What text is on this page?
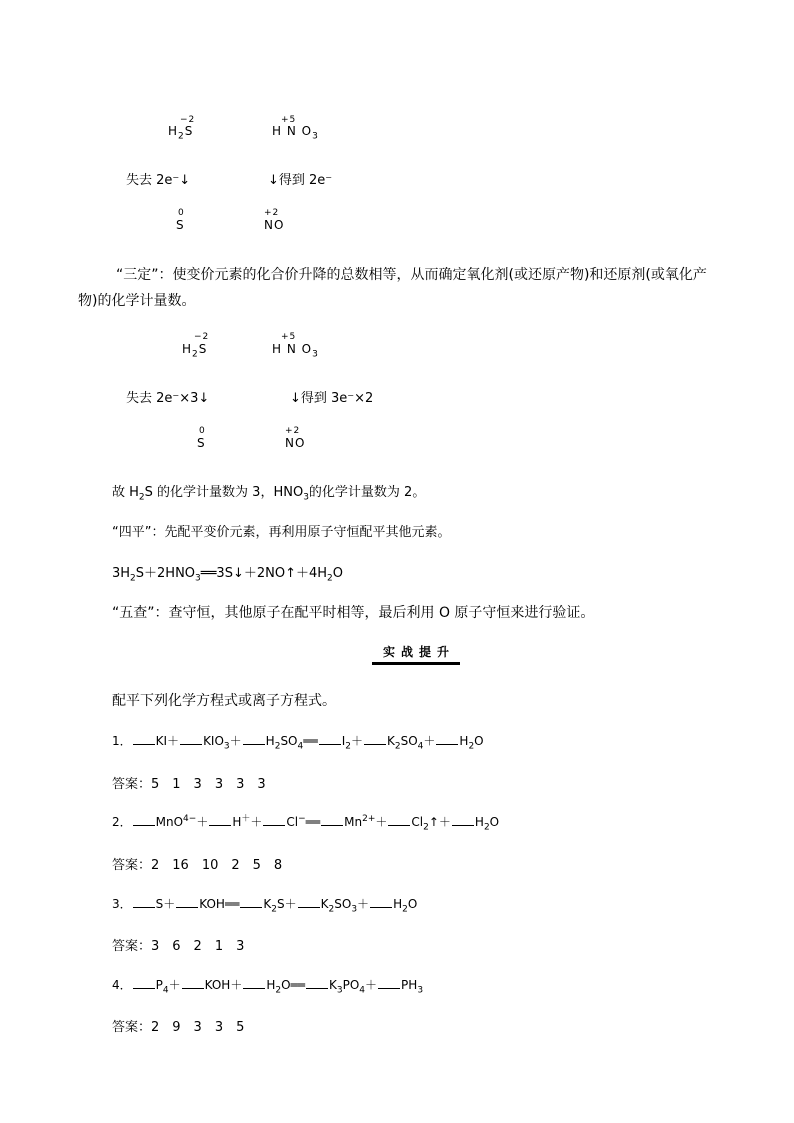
−2
$H_2S$
+5
H N $O_3$
失去 2e⁻↓	↓得到 2e⁻
0
S
+2
NO
“三定”：使变价元素的化合价升降的总数相等，从而确定氧化剂(或还原产物)和还原剂(或氧化产
物)的化学计量数。
−2
$H_2S$
+5
H N $O_3$
失去 2e⁻×3↓	↓得到 3e⁻×2
0
S
+2
NO
故 $H_2S$ 的化学计量数为 3，$HNO_3$的化学计量数为 2。
“四平”：先配平变价元素，再利用原子守恒配平其他元素。
$3H_2S+2HNO_3══3S↓+2NO↑+4H_2O$
“五查”：查守恒，其他原子在配平时相等，最后利用 O 原子守恒来进行验证。
实战提升
配平下列化学方程式或离子方程式。
1． $KI+ KIO_3+$ $H_2SO_4══$ $I_2+ K_2SO_4+ H_2O$
答案：5　1　3　3　3　3
2． MnO$^{4-}$＋ H＋＋ Cl−══ $Mn^{2+}+$ $Cl_2↑+ H_2O$
答案：2　16　10　2　5　8
3． S＋ KOH══ $K_2S+ K_2SO_3+ H_2O$
答案：3　6　2　1　3
4． $P_4+ KOH+$ $H_2O══$ $K_3PO_4+ PH_3$
答案：2　9　3　3　5
